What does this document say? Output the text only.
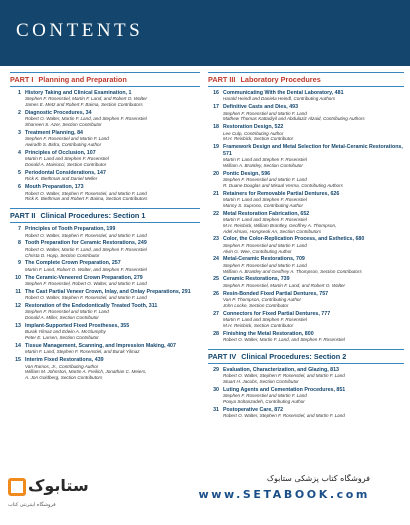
CONTENTS
PART I Planning and Preparation
1 History Taking and Clinical Examination, 1
Stephen F. Rosenstiel, Martin F. Land, and Robert O. Walter
James E. Metz and Robert F. Baima, Section Contributors
2 Diagnostic Procedures, 34
Robert O. Walter, Martin F. Land, and Stephen F. Rosenstiel
Sharreen S. Azer, Section Contributor
3 Treatment Planning, 84
Stephen F. Rosenstiel and Martin F. Land
Awiradh S. Bidra, Contributing Author
4 Principles of Occlusion, 107
Martin F. Land and Stephen F. Rosenstiel
Donald A. Mairiocci, Section Contributor
5 Periodontal Considerations, 147
Rick K. Biethman and Daniel Meller
6 Mouth Preparation, 173
Robert O. Walter, Stephen F. Rosenstiel, and Martin F. Land
Rick K. Biethman and Robert F. Baima, Section Contributors
PART II Clinical Procedures: Section 1
7 Principles of Tooth Preparation, 199
Robert O. Walter, Stephen F. Rosenstiel, and Martin F. Land
8 Tooth Preparation for Ceramic Restorations, 249
Robert O. Walter, Martin F. Land, and Stephen F. Rosenstiel
Christa D. Hopp, Section Contributor
9 The Complete Crown Preparation, 257
Martin F. Land, Robert O. Walter, and Stephen F. Rosenstiel
10 The Ceramic-Veneered Crown Preparation, 279
Stephen F. Rosenstiel, Robert O. Walter, and Martin F. Land
11 The Cast Partial Veneer Crown, Inlay, and Onlay Preparations, 291
Robert O. Walter, Stephen F. Rosenstiel, and Martin F. Land
12 Restoration of the Endodontically Treated Tooth, 311
Stephen F. Rosenstiel and Martin F. Land
Donald A. Miller, Section Contributor
13 Implant-Supported Fixed Prostheses, 355
Burak Yilmaz and Edwin A. McGlumphy
Peter E. Larsen, Section Contributor
14 Tissue Management, Scanning, and Impression Making, 407
Martin F. Land, Stephen F. Rosenstiel, and Burak Yilmaz
15 Interim Fixed Restorations, 439
Van Ramos, Jr., Contributing Author
William M. Johnston, Martin A. Freilich, Jonathan C. Meiers,
A. Jon Goldberg, Section Contributors
PART III Laboratory Procedures
16 Communicating With the Dental Laboratory, 481
Harald Heindl and Daniela Heindl, Contributing Authors
17 Definitive Casts and Dies, 493
Stephen F. Rosenstiel and Martin F. Land
Mathew Thomas Kattadiyil and Abdulaziz Alzaid, Contributing Authors
18 Restoration Design, 522
Lee Culp, Contributing Author
M.H. Reisbick, Section Contributor
19 Framework Design and Metal Selection for Metal-Ceramic Restorations, 571
Martin F. Land and Stephen F. Rosenstiel
William A. Brantley, Section Contributor
20 Pontic Design, 596
Stephen F. Rosenstiel and Martin F. Land
R. Duane Douglas and Misaal Verma, Contributing Authors
21 Retainers for Removable Partial Dentures, 626
Martin F. Land and Stephen F. Rosenstiel
Manny S. Suprono, Contributing Author
22 Metal Restoration Fabrication, 652
Martin F. Land and Stephen F. Rosenstiel
M.H. Reisbick, William Brantley, Geoffrey A. Thompson,
Adel Almasi, Hongseok An, Section Contributors
23 Color, the Color-Replication Process, and Esthetics, 680
Stephen F. Rosenstiel and Martin F. Land
Alvin G. Wee, Contributing Author
24 Metal-Ceramic Restorations, 709
Stephen F. Rosenstiel and Martin F. Land
William A. Brantley and Geoffrey A. Thompson, Section Contributors
25 Ceramic Restorations, 739
Stephen F. Rosenstiel, Martin F. Land, and Robert O. Walter
26 Resin-Bonded Fixed Partial Dentures, 757
Van P. Thompson, Contributing Author
John Locke, Section Contributor
27 Connectors for Fixed Partial Dentures, 777
Martin F. Land and Stephen F. Rosenstiel
M.H. Reisbick, Section Contributor
28 Finishing the Metal Restoration, 800
Robert O. Walter, Martin F. Land, and Stephen F. Rosenstiel
PART IV Clinical Procedures: Section 2
29 Evaluation, Characterization, and Glazing, 813
Robert O. Walter, Stephen F. Rosenstiel, and Martin F. Land
Stuart H. Jacobs, Section Contributor
30 Luting Agents and Cementation Procedures, 851
Stephen F. Rosenstiel and Martin F. Land
Pooya Soltanzadeh, Contributing Author
31 Postoperative Care, 872
Robert O. Walter, Stephen F. Rosenstiel, and Martin F. Land
ستابوک
فروشگاه اینترنتی کتاب
فروشگاه کتاب پزشکی ستابوک
www.SETABOOK.com
